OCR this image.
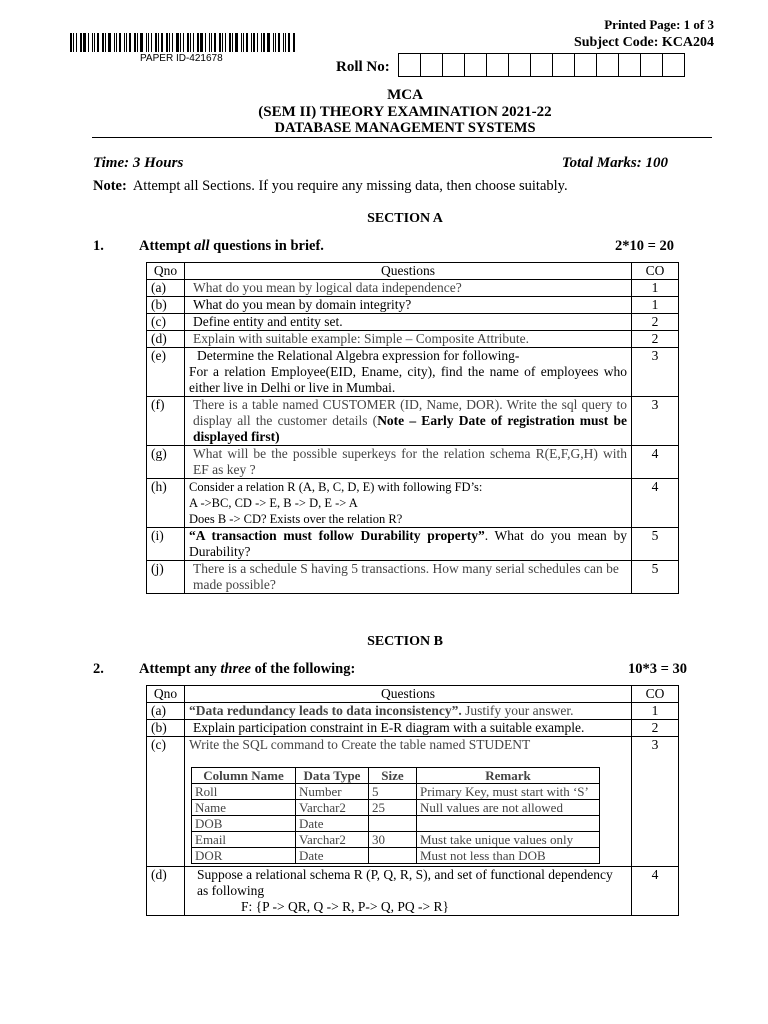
PAPER ID-421678
Printed Page: 1 of 3
Subject Code: KCA204
Roll No:
MCA
(SEM II) THEORY EXAMINATION 2021-22
DATABASE MANAGEMENT SYSTEMS
Time: 3 Hours	Total Marks: 100
Note: Attempt all Sections. If you require any missing data, then choose suitably.
SECTION A
1. Attempt all questions in brief.	2*10 = 20
Qno	Questions	CO
(a)	What do you mean by logical data independence?	1
(b)	What do you mean by domain integrity?	1
(c)	Define entity and entity set.	2
(d)	Explain with suitable example: Simple – Composite Attribute.	2
(e)	Determine the Relational Algebra expression for following-
For a relation Employee(EID, Ename, city), find the name of employees who either live in Delhi or live in Mumbai.	3
(f)	There is a table named CUSTOMER (ID, Name, DOR). Write the sql query to display all the customer details (Note – Early Date of registration must be displayed first)	3
(g)	What will be the possible superkeys for the relation schema R(E,F,G,H) with EF as key ?	4
(h)	Consider a relation R (A, B, C, D, E) with following FD’s:
A ->BC, CD -> E, B -> D, E -> A
Does B -> CD? Exists over the relation R?	4
(i)	“A transaction must follow Durability property”. What do you mean by Durability?	5
(j)	There is a schedule S having 5 transactions. How many serial schedules can be made possible?	5
SECTION B
2. Attempt any three of the following:	10*3 = 30
Qno	Questions	CO
(a)	“Data redundancy leads to data inconsistency”. Justify your answer.	1
(b)	Explain participation constraint in E-R diagram with a suitable example.	2
(c)	Write the SQL command to Create the table named STUDENT
Column Name	Data Type	Size	Remark
Roll	Number	5	Primary Key, must start with ‘S’
Name	Varchar2	25	Null values are not allowed
DOB	Date		
Email	Varchar2	30	Must take unique values only
DOR	Date		Must not less than DOB
	3
(d)	Suppose a relational schema R (P, Q, R, S), and set of functional dependency as following
F: {P -> QR, Q -> R, P-> Q, PQ -> R}
	4
